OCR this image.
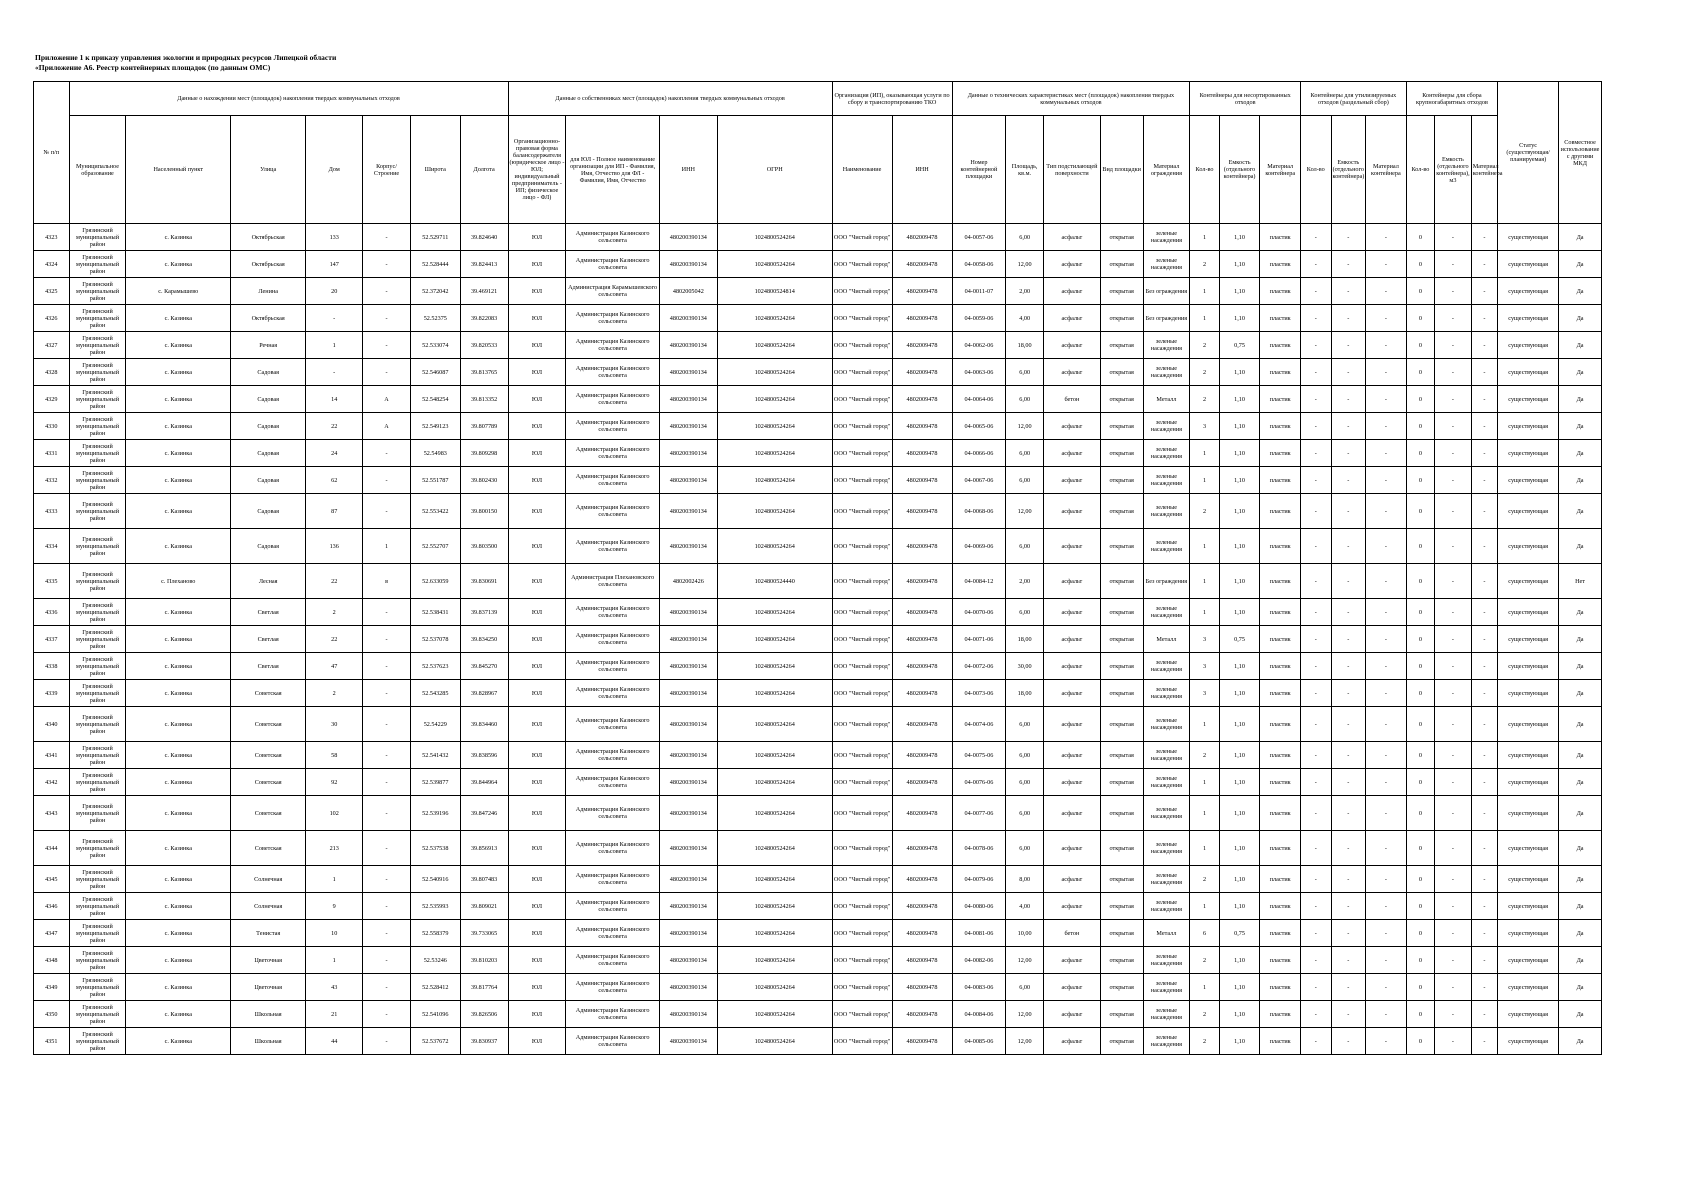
Приложение 1 к приказу управления экологии и природных ресурсов Липецкой области
«Приложение А6. Реестр контейнерных площадок (по данным ОМС)
№ п/п	Данные о нахождении мест (площадок) накопления твердых коммунальных отходов							Данные о собственниках мест (площадок) накопления твердых коммунальных отходов				Организация (ИП), оказывающая услуги по сбору и транспортированию ТКО		Данные о технических характеристиках мест (площадок) накопления твердых коммунальных отходов					Контейнеры для несортированных отходов			Контейнеры для утилизируемых отходов (раздельный сбор)			Контейнеры для сбора крупногабаритных отходов			Статус (существующая/ планируемая)	Совместное использование с другими МКД
	Муниципальное образование	Населенный пункт	Улица	Дом	Корпус/Строение	Широта	Долгота	Организационно-правовая форма балансодержателя (юридическое лицо - ЮЛ; индивидуальный предприниматель - ИП; физическое лицо - ФЛ)	для ЮЛ - Полное наименование организации для ИП - Фамилия, Имя, Отчество для ФЛ - Фамилия, Имя, Отчество	ИНН	ОГРН	Наименование	ИНН	Номер контейнерной площадки	Площадь, кв.м.	Тип подстилающей поверхности	Вид площадки	Материал ограждения	Кол-во	Емкость (отдельного контейнера)	Материал контейнера	Кол-во	Емкость (отдельного контейнера)	Материал контейнера	Кол-во	Емкость (отдельного контейнера), м3	Материал контейнера		
4323	Грязинский муниципальный район	с. Казинка	Октябрьская	133	-	52.529711	39.824640	ЮЛ	Администрация Казинского сельсовета	4802003901З4	1024800524264	ООО "Чистый город"	4802009478	04-0057-06	6,00	асфальт	открытая	зеленые насаждения	1	1,10	пластик	-	-	-	0	-	-	существующая	Да
4324	Грязинский муниципальный район	с. Казинка	Октябрьская	147	-	52.528444	39.824413	ЮЛ	Администрация Казинского сельсовета	4802003901З4	1024800524264	ООО "Чистый город"	4802009478	04-0058-06	12,00	асфальт	открытая	зеленые насаждения	2	1,10	пластик	-	-	-	0	-	-	существующая	Да
4325	Грязинский муниципальный район	с. Карамышево	Ленина	20	-	52.372042	39.469121	ЮЛ	Администрация Карамышевского сельсовета	4802005042	1024800524814	ООО "Чистый город"	4802009478	04-0011-07	2,00	асфальт	открытая	Без ограждения	1	1,10	пластик	-	-	-	0	-	-	существующая	Да
4326	Грязинский муниципальный район	с. Казинка	Октябрьская	-	-	52.52375	39.822083	ЮЛ	Администрация Казинского сельсовета	4802003901З4	1024800524264	ООО "Чистый город"	4802009478	04-0059-06	4,00	асфальт	открытая	Без ограждения	1	1,10	пластик	-	-	-	0	-	-	существующая	Да
4327	Грязинский муниципальный район	с. Казинка	Речная	1	-	52.533074	39.820533	ЮЛ	Администрация Казинского сельсовета	4802003901З4	1024800524264	ООО "Чистый город"	4802009478	04-0062-06	18,00	асфальт	открытая	зеленые насаждения	2	0,75	пластик	-	-	-	0	-	-	существующая	Да
4328	Грязинский муниципальный район	с. Казинка	Садовая	-	-	52.546087	39.813765	ЮЛ	Администрация Казинского сельсовета	4802003901З4	1024800524264	ООО "Чистый город"	4802009478	04-0063-06	6,00	асфальт	открытая	зеленые насаждения	2	1,10	пластик	-	-	-	0	-	-	существующая	Да
4329	Грязинский муниципальный район	с. Казинка	Садовая	14	А	52.548254	39.813352	ЮЛ	Администрация Казинского сельсовета	4802003901З4	1024800524264	ООО "Чистый город"	4802009478	04-0064-06	6,00	бетон	открытая	Металл	2	1,10	пластик	-	-	-	0	-	-	существующая	Да
4330	Грязинский муниципальный район	с. Казинка	Садовая	22	А	52.549123	39.807789	ЮЛ	Администрация Казинского сельсовета	4802003901З4	1024800524264	ООО "Чистый город"	4802009478	04-0065-06	12,00	асфальт	открытая	зеленые насаждения	3	1,10	пластик	-	-	-	0	-	-	существующая	Да
4331	Грязинский муниципальный район	с. Казинка	Садовая	24	-	52.54983	39.809298	ЮЛ	Администрация Казинского сельсовета	4802003901З4	1024800524264	ООО "Чистый город"	4802009478	04-0066-06	6,00	асфальт	открытая	зеленые насаждения	1	1,10	пластик	-	-	-	0	-	-	существующая	Да
4332	Грязинский муниципальный район	с. Казинка	Садовая	62	-	52.551787	39.802430	ЮЛ	Администрация Казинского сельсовета	4802003901З4	1024800524264	ООО "Чистый город"	4802009478	04-0067-06	6,00	асфальт	открытая	зеленые насаждения	1	1,10	пластик	-	-	-	0	-	-	существующая	Да
4333	Грязинский муниципальный район	с. Казинка	Садовая	87	-	52.553422	39.800150	ЮЛ	Администрация Казинского сельсовета	4802003901З4	1024800524264	ООО "Чистый город"	4802009478	04-0068-06	12,00	асфальт	открытая	зеленые насаждения	2	1,10	пластик	-	-	-	0	-	-	существующая	Да
4334	Грязинский муниципальный район	с. Казинка	Садовая	136	1	52.552707	39.803500	ЮЛ	Администрация Казинского сельсовета	4802003901З4	1024800524264	ООО "Чистый город"	4802009478	04-0069-06	6,00	асфальт	открытая	зеленые насаждения	1	1,10	пластик	-	-	-	0	-	-	существующая	Да
4335	Грязинский муниципальный район	с. Плеханово	Лесная	22	в	52.633059	39.830691	ЮЛ	Администрация Плехановского сельсовета	4802002426	1024800524440	ООО "Чистый город"	4802009478	04-0084-12	2,00	асфальт	открытая	Без ограждения	1	1,10	пластик	-	-	-	0	-	-	существующая	Нет
4336	Грязинский муниципальный район	с. Казинка	Светлая	2	-	52.538431	39.837139	ЮЛ	Администрация Казинского сельсовета	4802003901З4	1024800524264	ООО "Чистый город"	4802009478	04-0070-06	6,00	асфальт	открытая	зеленые насаждения	1	1,10	пластик	-	-	-	0	-	-	существующая	Да
4337	Грязинский муниципальный район	с. Казинка	Светлая	22	-	52.537078	39.834250	ЮЛ	Администрация Казинского сельсовета	4802003901З4	1024800524264	ООО "Чистый город"	4802009478	04-0071-06	18,00	асфальт	открытая	Металл	3	0,75	пластик	-	-	-	0	-	-	существующая	Да
4338	Грязинский муниципальный район	с. Казинка	Светлая	47	-	52.537623	39.845270	ЮЛ	Администрация Казинского сельсовета	4802003901З4	1024800524264	ООО "Чистый город"	4802009478	04-0072-06	30,00	асфальт	открытая	зеленые насаждения	3	1,10	пластик	-	-	-	0	-	-	существующая	Да
4339	Грязинский муниципальный район	с. Казинка	Советская	2	-	52.543285	39.828967	ЮЛ	Администрация Казинского сельсовета	4802003901З4	1024800524264	ООО "Чистый город"	4802009478	04-0073-06	18,00	асфальт	открытая	зеленые насаждения	3	1,10	пластик	-	-	-	0	-	-	существующая	Да
4340	Грязинский муниципальный район	с. Казинка	Советская	30	-	52.54229	39.834460	ЮЛ	Администрация Казинского сельсовета	4802003901З4	1024800524264	ООО "Чистый город"	4802009478	04-0074-06	6,00	асфальт	открытая	зеленые насаждения	1	1,10	пластик	-	-	-	0	-	-	существующая	Да
4341	Грязинский муниципальный район	с. Казинка	Советская	58	-	52.541432	39.838596	ЮЛ	Администрация Казинского сельсовета	4802003901З4	1024800524264	ООО "Чистый город"	4802009478	04-0075-06	6,00	асфальт	открытая	зеленые насаждения	2	1,10	пластик	-	-	-	0	-	-	существующая	Да
4342	Грязинский муниципальный район	с. Казинка	Советская	92	-	52.539877	39.844964	ЮЛ	Администрация Казинского сельсовета	4802003901З4	1024800524264	ООО "Чистый город"	4802009478	04-0076-06	6,00	асфальт	открытая	зеленые насаждения	1	1,10	пластик	-	-	-	0	-	-	существующая	Да
4343	Грязинский муниципальный район	с. Казинка	Советская	102	-	52.539196	39.847246	ЮЛ	Администрация Казинского сельсовета	4802003901З4	1024800524264	ООО "Чистый город"	4802009478	04-0077-06	6,00	асфальт	открытая	зеленые насаждения	1	1,10	пластик	-	-	-	0	-	-	существующая	Да
4344	Грязинский муниципальный район	с. Казинка	Советская	213	-	52.537538	39.856913	ЮЛ	Администрация Казинского сельсовета	4802003901З4	1024800524264	ООО "Чистый город"	4802009478	04-0078-06	6,00	асфальт	открытая	зеленые насаждения	1	1,10	пластик	-	-	-	0	-	-	существующая	Да
4345	Грязинский муниципальный район	с. Казинка	Солнечная	1	-	52.540916	39.807483	ЮЛ	Администрация Казинского сельсовета	4802003901З4	1024800524264	ООО "Чистый город"	4802009478	04-0079-06	8,00	асфальт	открытая	зеленые насаждения	2	1,10	пластик	-	-	-	0	-	-	существующая	Да
4346	Грязинский муниципальный район	с. Казинка	Солнечная	9	-	52.535993	39.809021	ЮЛ	Администрация Казинского сельсовета	4802003901З4	1024800524264	ООО "Чистый город"	4802009478	04-0080-06	4,00	асфальт	открытая	зеленые насаждения	1	1,10	пластик	-	-	-	0	-	-	существующая	Да
4347	Грязинский муниципальный район	с. Казинка	Тенистая	10	-	52.558379	39.733065	ЮЛ	Администрация Казинского сельсовета	4802003901З4	1024800524264	ООО "Чистый город"	4802009478	04-0081-06	10,00	бетон	открытая	Металл	6	0,75	пластик	-	-	-	0	-	-	существующая	Да
4348	Грязинский муниципальный район	с. Казинка	Цветочная	1	-	52.53246	39.810203	ЮЛ	Администрация Казинского сельсовета	4802003901З4	1024800524264	ООО "Чистый город"	4802009478	04-0082-06	12,00	асфальт	открытая	зеленые насаждения	2	1,10	пластик	-	-	-	0	-	-	существующая	Да
4349	Грязинский муниципальный район	с. Казинка	Цветочная	43	-	52.528412	39.817764	ЮЛ	Администрация Казинского сельсовета	4802003901З4	1024800524264	ООО "Чистый город"	4802009478	04-0083-06	6,00	асфальт	открытая	зеленые насаждения	1	1,10	пластик	-	-	-	0	-	-	существующая	Да
4350	Грязинский муниципальный район	с. Казинка	Школьная	21	-	52.541096	39.826506	ЮЛ	Администрация Казинского сельсовета	4802003901З4	1024800524264	ООО "Чистый город"	4802009478	04-0084-06	12,00	асфальт	открытая	зеленые насаждения	2	1,10	пластик	-	-	-	0	-	-	существующая	Да
4351	Грязинский муниципальный район	с. Казинка	Школьная	44	-	52.537672	39.830937	ЮЛ	Администрация Казинского сельсовета	4802003901З4	1024800524264	ООО "Чистый город"	4802009478	04-0085-06	12,00	асфальт	открытая	зеленые насаждения	2	1,10	пластик	-	-	-	0	-	-	существующая	Да
